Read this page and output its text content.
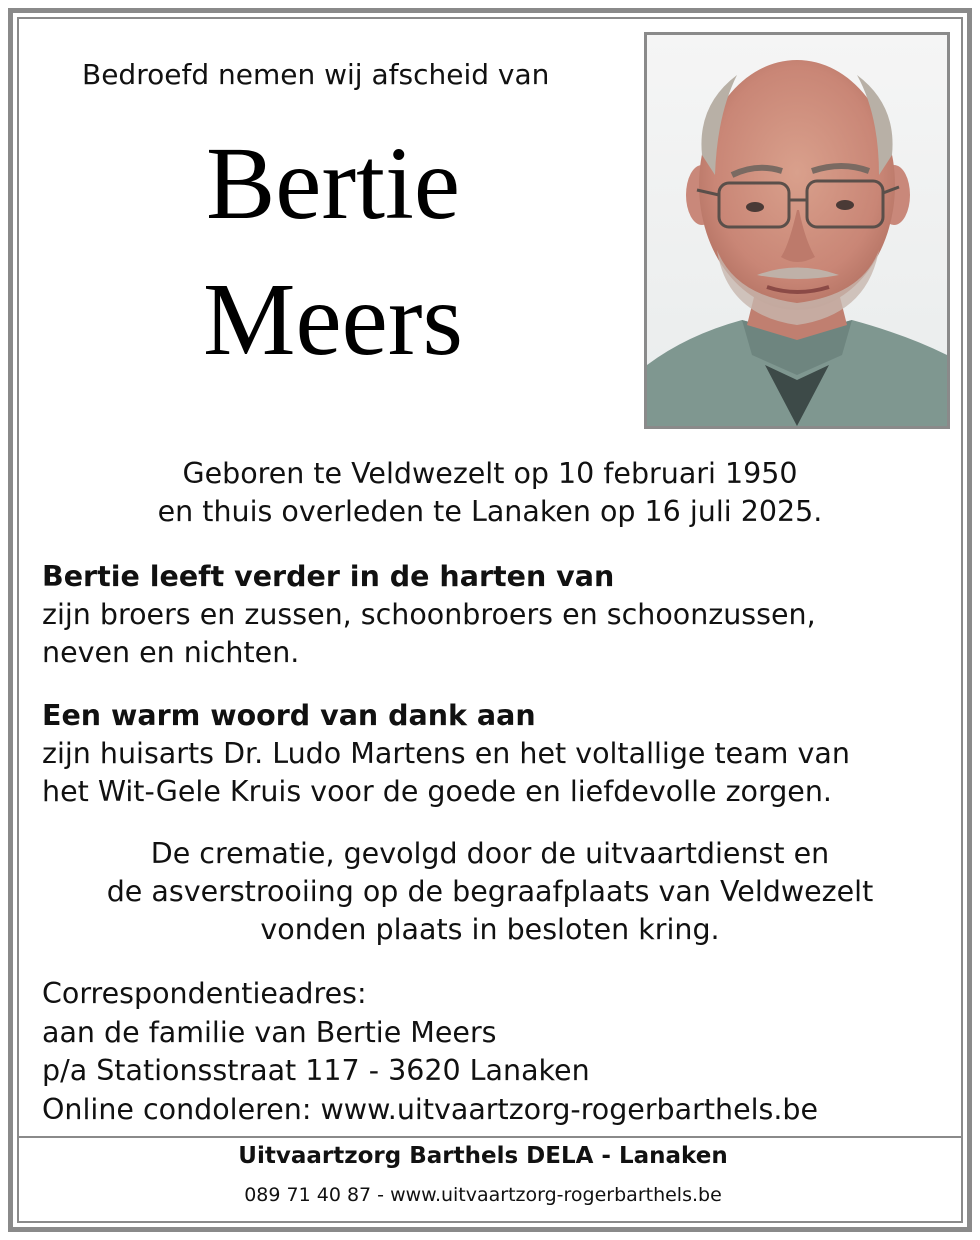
Bedroefd nemen wij afscheid van
Bertie
Meers
Geboren te Veldwezelt op 10 februari 1950
en thuis overleden te Lanaken op 16 juli 2025.
Bertie leeft verder in de harten van
zijn broers en zussen, schoonbroers en schoonzussen,
neven en nichten.
Een warm woord van dank aan
zijn huisarts Dr. Ludo Martens en het voltallige team van
het Wit-Gele Kruis voor de goede en liefdevolle zorgen.
De crematie, gevolgd door de uitvaartdienst en
de asverstrooiing op de begraafplaats van Veldwezelt
vonden plaats in besloten kring.
Correspondentieadres:
aan de familie van Bertie Meers
p/a Stationsstraat 117 - 3620 Lanaken
Online condoleren: www.uitvaartzorg-rogerbarthels.be
Uitvaartzorg Barthels DELA - Lanaken
089 71 40 87 - www.uitvaartzorg-rogerbarthels.be
